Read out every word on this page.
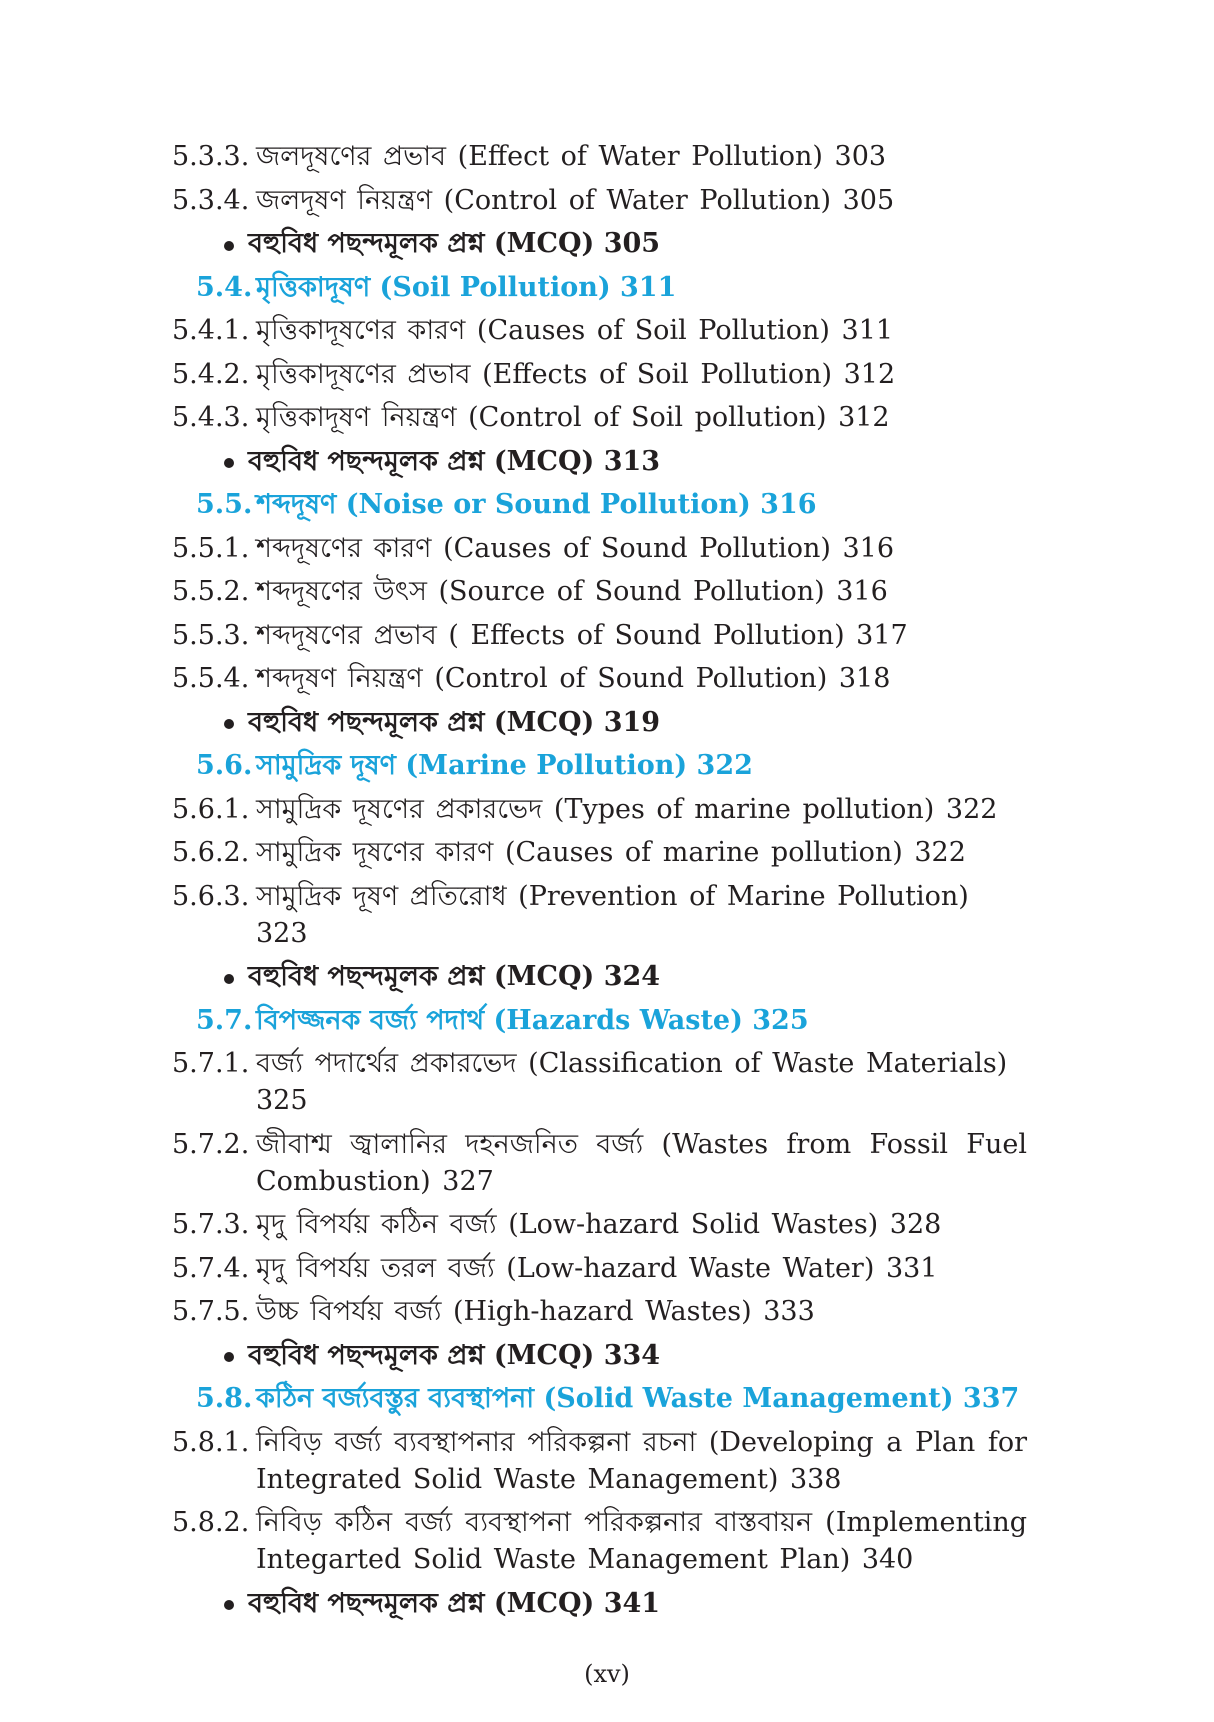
5.3.3. জলদূষণের প্রভাব (Effect of Water Pollution) 303
5.3.4. জলদূষণ নিয়ন্ত্রণ (Control of Water Pollution) 305
বহুবিধ পছন্দমূলক প্রশ্ন (MCQ) 305
5.4. মৃত্তিকাদূষণ (Soil Pollution) 311
5.4.1. মৃত্তিকাদূষণের কারণ (Causes of Soil Pollution) 311
5.4.2. মৃত্তিকাদূষণের প্রভাব (Effects of Soil Pollution) 312
5.4.3. মৃত্তিকাদূষণ নিয়ন্ত্রণ (Control of Soil pollution) 312
বহুবিধ পছন্দমূলক প্রশ্ন (MCQ) 313
5.5. শব্দদূষণ (Noise or Sound Pollution) 316
5.5.1. শব্দদূষণের কারণ (Causes of Sound Pollution) 316
5.5.2. শব্দদূষণের উৎস (Source of Sound Pollution) 316
5.5.3. শব্দদূষণের প্রভাব ( Effects of Sound Pollution) 317
5.5.4. শব্দদূষণ নিয়ন্ত্রণ (Control of Sound Pollution) 318
বহুবিধ পছন্দমূলক প্রশ্ন (MCQ) 319
5.6. সামুদ্রিক দূষণ (Marine Pollution) 322
5.6.1. সামুদ্রিক দূষণের প্রকারভেদ (Types of marine pollution) 322
5.6.2. সামুদ্রিক দূষণের কারণ (Causes of marine pollution) 322
5.6.3. সামুদ্রিক দূষণ প্রতিরোধ (Prevention of Marine Pollution) 323
বহুবিধ পছন্দমূলক প্রশ্ন (MCQ) 324
5.7. বিপজ্জনক বর্জ্য পদার্থ (Hazards Waste) 325
5.7.1. বর্জ্য পদার্থের প্রকারভেদ (Classification of Waste Materials) 325
5.7.2. জীবাশ্ম জ্বালানির দহনজনিত বর্জ্য (Wastes from Fossil Fuel
Combustion) 327
5.7.3. মৃদু বিপর্যয় কঠিন বর্জ্য (Low-hazard Solid Wastes) 328
5.7.4. মৃদু বিপর্যয় তরল বর্জ্য (Low-hazard Waste Water) 331
5.7.5. উচ্চ বিপর্যয় বর্জ্য (High-hazard Wastes) 333
বহুবিধ পছন্দমূলক প্রশ্ন (MCQ) 334
5.8. কঠিন বর্জ্যবস্তুর ব্যবস্থাপনা (Solid Waste Management) 337
5.8.1. নিবিড় বর্জ্য ব্যবস্থাপনার পরিকল্পনা রচনা (Developing a Plan for
Integrated Solid Waste Management) 338
5.8.2. নিবিড় কঠিন বর্জ্য ব্যবস্থাপনা পরিকল্পনার বাস্তবায়ন (Implementing
Integarted Solid Waste Management Plan) 340
বহুবিধ পছন্দমূলক প্রশ্ন (MCQ) 341
(xv)
